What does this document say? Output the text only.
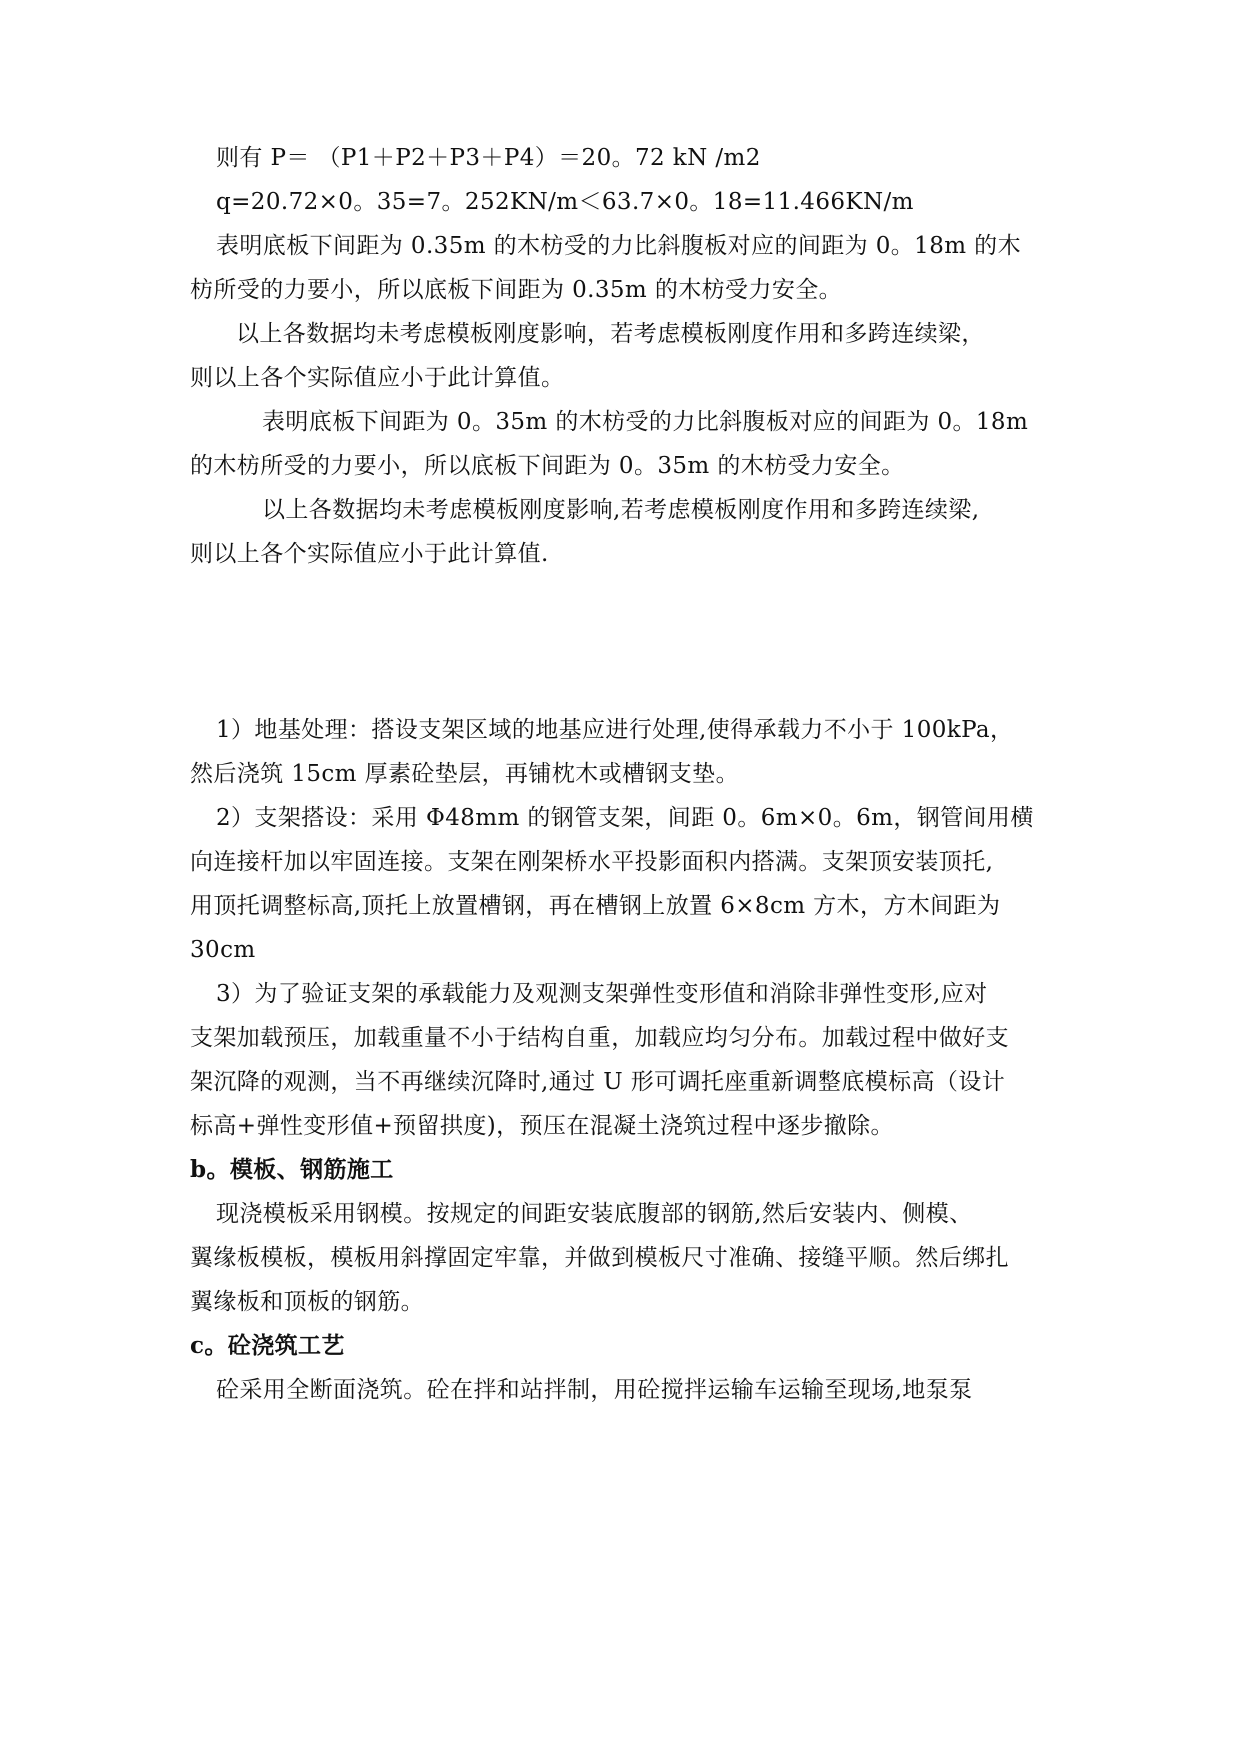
则有 P＝ （P1＋P2＋P3＋P4）＝20。72 kN /m2
q=20.72×0。35=7。252KN/m＜63.7×0。18=11.466KN/m
表明底板下间距为 0.35m 的木枋受的力比斜腹板对应的间距为 0。18m 的木
枋所受的力要小，所以底板下间距为 0.35m 的木枋受力安全。
以上各数据均未考虑模板刚度影响，若考虑模板刚度作用和多跨连续梁，
则以上各个实际值应小于此计算值。
表明底板下间距为 0。35m 的木枋受的力比斜腹板对应的间距为 0。18m
的木枋所受的力要小，所以底板下间距为 0。35m 的木枋受力安全。
以上各数据均未考虑模板刚度影响,若考虑模板刚度作用和多跨连续梁,
则以上各个实际值应小于此计算值.
1）地基处理：搭设支架区域的地基应进行处理,使得承载力不小于 100kPa，
然后浇筑 15cm 厚素砼垫层，再铺枕木或槽钢支垫。
2）支架搭设：采用 Φ48mm 的钢管支架，间距 0。6m×0。6m，钢管间用横
向连接杆加以牢固连接。支架在刚架桥水平投影面积内搭满。支架顶安装顶托,
用顶托调整标高,顶托上放置槽钢，再在槽钢上放置 6×8cm 方木，方木间距为
30cm
3）为了验证支架的承载能力及观测支架弹性变形值和消除非弹性变形,应对
支架加载预压，加载重量不小于结构自重，加载应均匀分布。加载过程中做好支
架沉降的观测，当不再继续沉降时,通过 U 形可调托座重新调整底模标高（设计
标高+弹性变形值+预留拱度)，预压在混凝土浇筑过程中逐步撤除。
b。模板、钢筋施工
现浇模板采用钢模。按规定的间距安装底腹部的钢筋,然后安装内、侧模、
翼缘板模板，模板用斜撑固定牢靠，并做到模板尺寸准确、接缝平顺。然后绑扎
翼缘板和顶板的钢筋。
c。砼浇筑工艺
砼采用全断面浇筑。砼在拌和站拌制，用砼搅拌运输车运输至现场,地泵泵
